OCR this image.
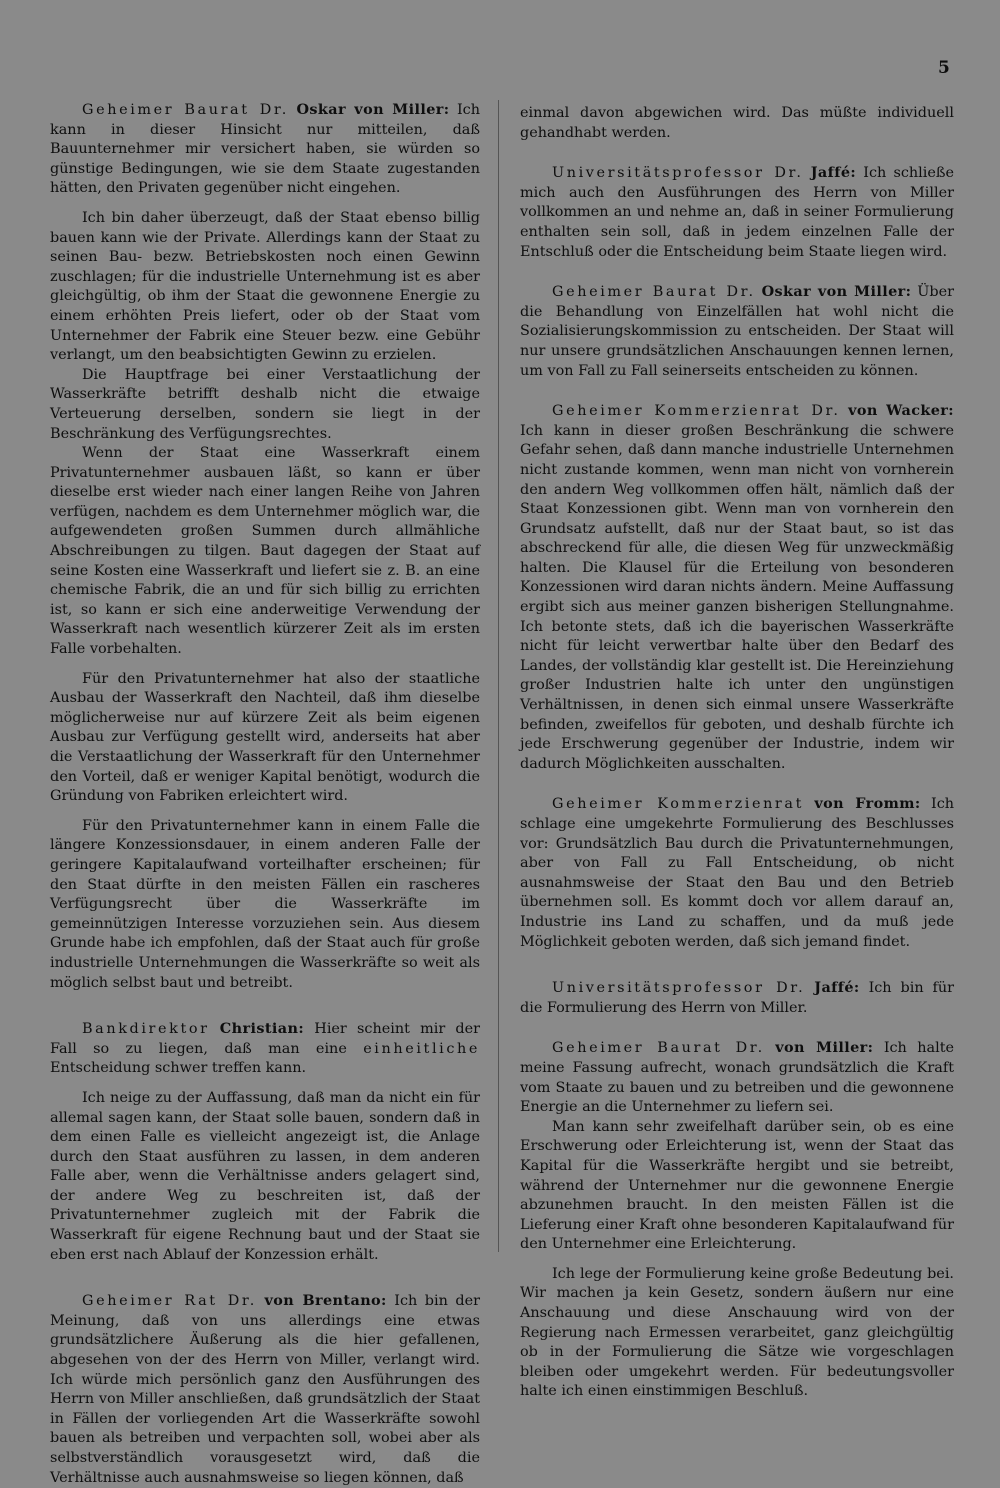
5

Geheimer Baurat Dr. Oskar von Miller: Ich kann in dieser Hinsicht nur mitteilen, daß Bauunternehmer mir versichert haben, sie würden so günstige Bedingungen, wie sie dem Staate zugestanden hätten, den Privaten gegenüber nicht eingehen.

Ich bin daher überzeugt, daß der Staat ebenso billig bauen kann wie der Private. Allerdings kann der Staat zu seinen Bau- bezw. Betriebskosten noch einen Gewinn zuschlagen; für die industrielle Unternehmung ist es aber gleichgültig, ob ihm der Staat die gewonnene Energie zu einem erhöhten Preis liefert, oder ob der Staat vom Unternehmer der Fabrik eine Steuer bezw. eine Gebühr verlangt, um den beabsichtigten Gewinn zu erzielen.

Die Hauptfrage bei einer Verstaatlichung der Wasserkräfte betrifft deshalb nicht die etwaige Verteuerung derselben, sondern sie liegt in der Beschränkung des Verfügungsrechtes.

Wenn der Staat eine Wasserkraft einem Privatunternehmer ausbauen läßt, so kann er über dieselbe erst wieder nach einer langen Reihe von Jahren verfügen, nachdem es dem Unternehmer möglich war, die aufgewendeten großen Summen durch allmähliche Abschreibungen zu tilgen. Baut dagegen der Staat auf seine Kosten eine Wasserkraft und liefert sie z. B. an eine chemische Fabrik, die an und für sich billig zu errichten ist, so kann er sich eine anderweitige Verwendung der Wasserkraft nach wesentlich kürzerer Zeit als im ersten Falle vorbehalten.

Für den Privatunternehmer hat also der staatliche Ausbau der Wasserkraft den Nachteil, daß ihm dieselbe möglicherweise nur auf kürzere Zeit als beim eigenen Ausbau zur Verfügung gestellt wird, anderseits hat aber die Verstaatlichung der Wasserkraft für den Unternehmer den Vorteil, daß er weniger Kapital benötigt, wodurch die Gründung von Fabriken erleichtert wird.

Für den Privatunternehmer kann in einem Falle die längere Konzessionsdauer, in einem anderen Falle der geringere Kapitalaufwand vorteilhafter erscheinen; für den Staat dürfte in den meisten Fällen ein rascheres Verfügungsrecht über die Wasserkräfte im gemeinnützigen Interesse vorzuziehen sein. Aus diesem Grunde habe ich empfohlen, daß der Staat auch für große industrielle Unternehmungen die Wasserkräfte so weit als möglich selbst baut und betreibt.

Bankdirektor Christian: Hier scheint mir der Fall so zu liegen, daß man eine einheitliche Entscheidung schwer treffen kann.

Ich neige zu der Auffassung, daß man da nicht ein für allemal sagen kann, der Staat solle bauen, sondern daß in dem einen Falle es vielleicht angezeigt ist, die Anlage durch den Staat ausführen zu lassen, in dem anderen Falle aber, wenn die Verhältnisse anders gelagert sind, der andere Weg zu beschreiten ist, daß der Privatunternehmer zugleich mit der Fabrik die Wasserkraft für eigene Rechnung baut und der Staat sie eben erst nach Ablauf der Konzession erhält.

Geheimer Rat Dr. von Brentano: Ich bin der Meinung, daß von uns allerdings eine etwas grundsätzlichere Äußerung als die hier gefallenen, abgesehen von der des Herrn von Miller, verlangt wird. Ich würde mich persönlich ganz den Ausführungen des Herrn von Miller anschließen, daß grundsätzlich der Staat in Fällen der vorliegenden Art die Wasserkräfte sowohl bauen als betreiben und verpachten soll, wobei aber als selbstverständlich vorausgesetzt wird, daß die Verhältnisse auch ausnahmsweise so liegen können, daß

einmal davon abgewichen wird. Das müßte individuell gehandhabt werden.

Universitätsprofessor Dr. Jaffé: Ich schließe mich auch den Ausführungen des Herrn von Miller vollkommen an und nehme an, daß in seiner Formulierung enthalten sein soll, daß in jedem einzelnen Falle der Entschluß oder die Entscheidung beim Staate liegen wird.

Geheimer Baurat Dr. Oskar von Miller: Über die Behandlung von Einzelfällen hat wohl nicht die Sozialisierungskommission zu entscheiden. Der Staat will nur unsere grundsätzlichen Anschauungen kennen lernen, um von Fall zu Fall seinerseits entscheiden zu können.

Geheimer Kommerzienrat Dr. von Wacker: Ich kann in dieser großen Beschränkung die schwere Gefahr sehen, daß dann manche industrielle Unternehmen nicht zustande kommen, wenn man nicht von vornherein den andern Weg vollkommen offen hält, nämlich daß der Staat Konzessionen gibt. Wenn man von vornherein den Grundsatz aufstellt, daß nur der Staat baut, so ist das abschreckend für alle, die diesen Weg für unzweckmäßig halten. Die Klausel für die Erteilung von besonderen Konzessionen wird daran nichts ändern. Meine Auffassung ergibt sich aus meiner ganzen bisherigen Stellungnahme. Ich betonte stets, daß ich die bayerischen Wasserkräfte nicht für leicht verwertbar halte über den Bedarf des Landes, der vollständig klar gestellt ist. Die Hereinziehung großer Industrien halte ich unter den ungünstigen Verhältnissen, in denen sich einmal unsere Wasserkräfte befinden, zweifellos für geboten, und deshalb fürchte ich jede Erschwerung gegenüber der Industrie, indem wir dadurch Möglichkeiten ausschalten.

Geheimer Kommerzienrat von Fromm: Ich schlage eine umgekehrte Formulierung des Beschlusses vor: Grundsätzlich Bau durch die Privatunternehmungen, aber von Fall zu Fall Entscheidung, ob nicht ausnahmsweise der Staat den Bau und den Betrieb übernehmen soll. Es kommt doch vor allem darauf an, Industrie ins Land zu schaffen, und da muß jede Möglichkeit geboten werden, daß sich jemand findet.

Universitätsprofessor Dr. Jaffé: Ich bin für die Formulierung des Herrn von Miller.

Geheimer Baurat Dr. von Miller: Ich halte meine Fassung aufrecht, wonach grundsätzlich die Kraft vom Staate zu bauen und zu betreiben und die gewonnene Energie an die Unternehmer zu liefern sei.

Man kann sehr zweifelhaft darüber sein, ob es eine Erschwerung oder Erleichterung ist, wenn der Staat das Kapital für die Wasserkräfte hergibt und sie betreibt, während der Unternehmer nur die gewonnene Energie abzunehmen braucht. In den meisten Fällen ist die Lieferung einer Kraft ohne besonderen Kapitalaufwand für den Unternehmer eine Erleichterung.

Ich lege der Formulierung keine große Bedeutung bei. Wir machen ja kein Gesetz, sondern äußern nur eine Anschauung und diese Anschauung wird von der Regierung nach Ermessen verarbeitet, ganz gleichgültig ob in der Formulierung die Sätze wie vorgeschlagen bleiben oder umgekehrt werden. Für bedeutungsvoller halte ich einen einstimmigen Beschluß.
